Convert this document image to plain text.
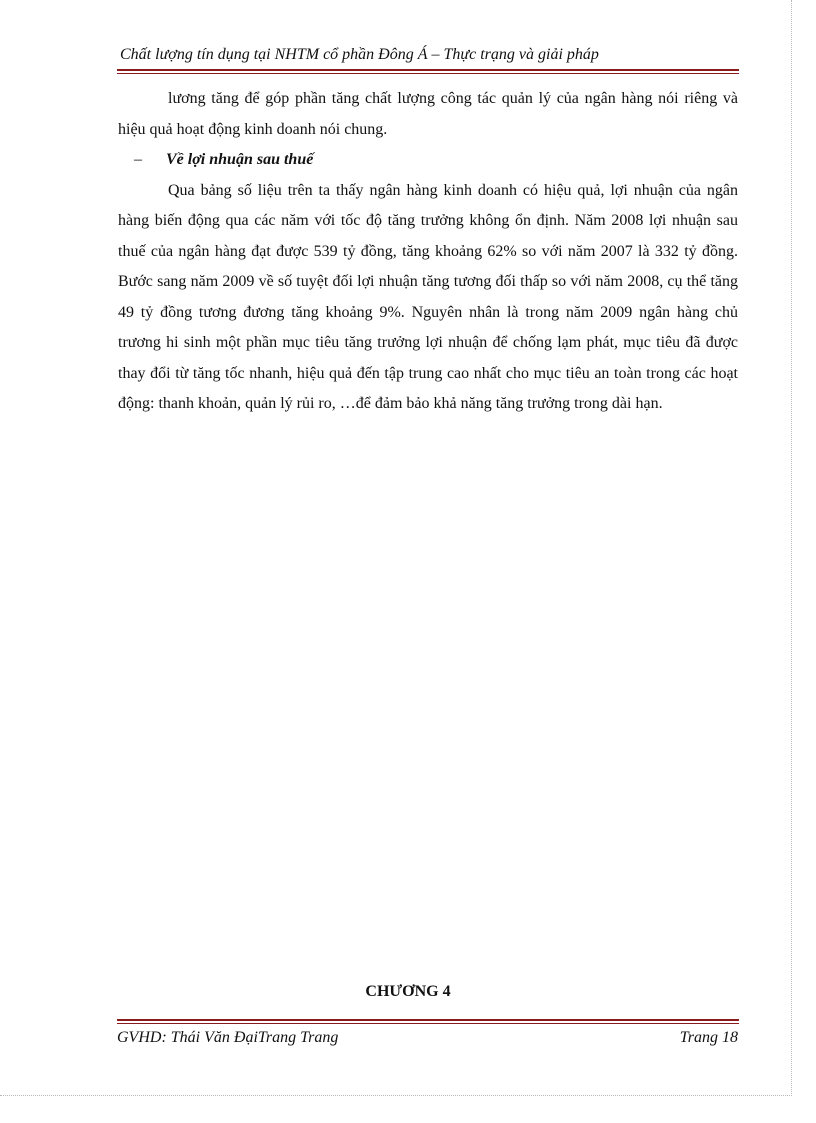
Chất lượng tín dụng tại NHTM cổ phần Đông Á – Thực trạng và giải pháp

lương tăng để góp phần tăng chất lượng công tác quản lý của ngân hàng nói riêng và hiệu quả hoạt động kinh doanh nói chung.

–	Về lợi nhuận sau thuế

Qua bảng số liệu trên ta thấy ngân hàng kinh doanh có hiệu quả, lợi nhuận của ngân hàng biến động qua các năm với tốc độ tăng trưởng không ổn định. Năm 2008 lợi nhuận sau thuế của ngân hàng đạt được 539 tỷ đồng, tăng khoảng 62% so với năm 2007 là 332 tỷ đồng. Bước sang năm 2009 về số tuyệt đối lợi nhuận tăng tương đối thấp so với năm 2008, cụ thể tăng 49 tỷ đồng tương đương tăng khoảng 9%. Nguyên nhân là trong năm 2009 ngân hàng chủ trương hi sinh một phần mục tiêu tăng trưởng lợi nhuận để chống lạm phát, mục tiêu đã được thay đổi từ tăng tốc nhanh, hiệu quả đến tập trung cao nhất cho mục tiêu an toàn trong các hoạt động: thanh khoản, quản lý rủi ro, …để đảm bảo khả năng tăng trưởng trong dài hạn.

CHƯƠNG 4
GVHD: Thái Văn ĐạiTrang Trang	Trang 18
